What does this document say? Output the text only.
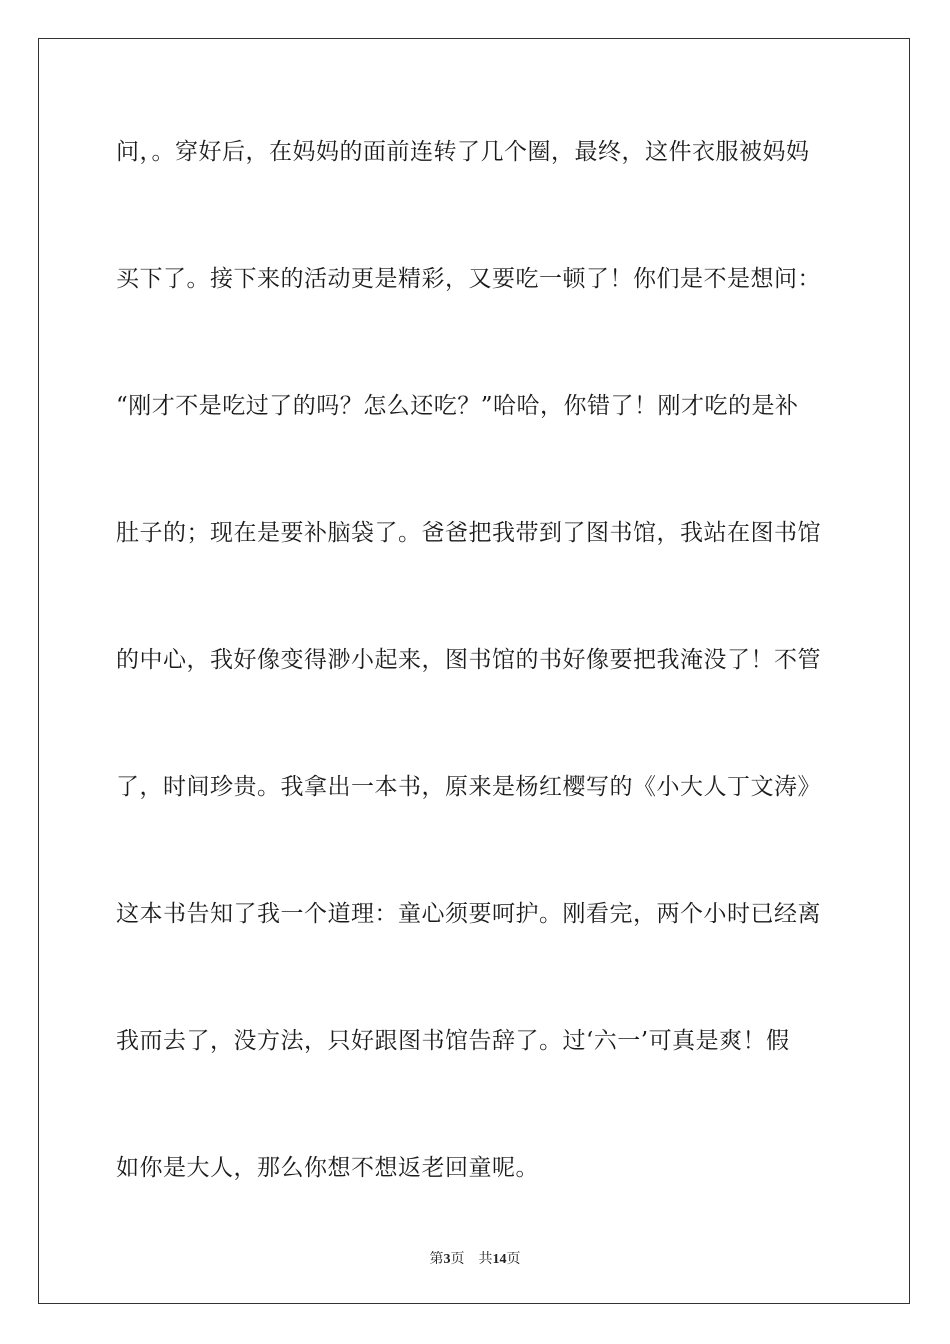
问，。穿好后，在妈妈的面前连转了几个圈，最终，这件衣服被妈妈
买下了。接下来的活动更是精彩，又要吃一顿了！你们是不是想问：
“刚才不是吃过了的吗？怎么还吃？”哈哈，你错了！刚才吃的是补
肚子的；现在是要补脑袋了。爸爸把我带到了图书馆，我站在图书馆
的中心，我好像变得渺小起来，图书馆的书好像要把我淹没了！不管
了，时间珍贵。我拿出一本书，原来是杨红樱写的《小大人丁文涛》
这本书告知了我一个道理：童心须要呵护。刚看完，两个小时已经离
我而去了，没方法，只好跟图书馆告辞了。过‘六一’可真是爽！假
如你是大人，那么你想不想返老回童呢。
第3页 共14页
